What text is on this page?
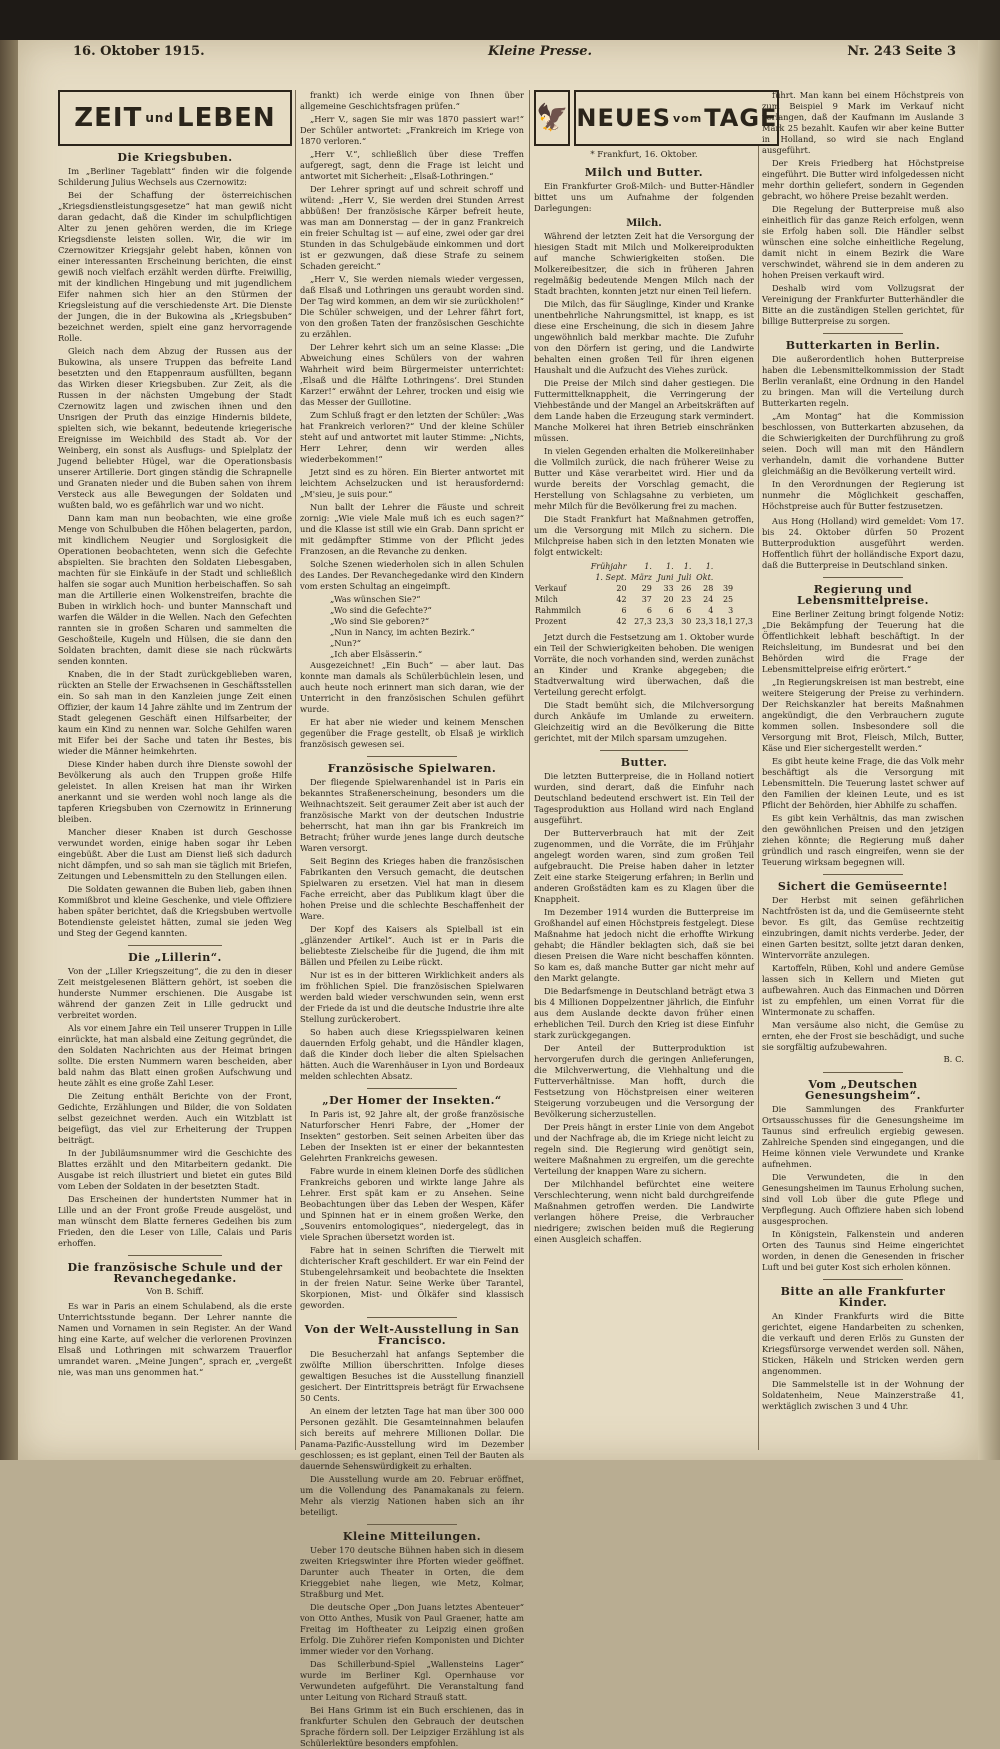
16. Oktober 1915.	Kleine Presse.	Nr. 243 Seite 3
ZEIT und LEBEN
Die Kriegsbuben.

Im „Berliner Tageblatt“ finden wir die folgende Schilderung Julius Wechsels aus Czernowitz:

Bei der Schaffung der österreichischen „Kriegsdienstleistungsgesetze“ hat man gewiß nicht daran gedacht, daß die Kinder im schulpflichtigen Alter zu jenen gehören werden, die im Kriege Kriegsdienste leisten sollen. Wir, die wir im Czernowitzer Kriegsjahr gelebt haben, können von einer interessanten Erscheinung berichten, die einst gewiß noch vielfach erzählt werden dürfte. Freiwillig, mit der kindlichen Hingebung und mit jugendlichem Eifer nahmen sich hier an den Stürmen der Kriegsleistung auf die verschiedenste Art. Die Dienste der Jungen, die in der Bukowina als „Kriegsbuben“ bezeichnet werden, spielt eine ganz hervorragende Rolle.

Gleich nach dem Abzug der Russen aus der Bukowina, als unsere Truppen das befreite Land besetzten und den Etappenraum ausfüllten, begann das Wirken dieser Kriegsbuben. Zur Zeit, als die Russen in der nächsten Umgebung der Stadt Czernowitz lagen und zwischen ihnen und den Unsrigen der Pruth das einzige Hindernis bildete, spielten sich, wie bekannt, bedeutende kriegerische Ereignisse im Weichbild des Stadt ab. Vor der Weinberg, ein sonst als Ausflugs- und Spielplatz der Jugend beliebter Hügel, war die Operationsbasis unserer Artillerie. Dort gingen ständig die Schrapnelle und Granaten nieder und die Buben sahen von ihrem Versteck aus alle Bewegungen der Soldaten und wußten bald, wo es gefährlich war und wo nicht.

Dann kam man nun beobachten, wie eine große Menge von Schulbuben die Höhen belagerten, pardon, mit kindlichem Neugier und Sorglosigkeit die Operationen beobachteten, wenn sich die Gefechte abspielten. Sie brachten den Soldaten Liebesgaben, machten für sie Einkäufe in der Stadt und schließlich halfen sie sogar auch Munition herbeischaffen. So sah man die Artillerie einen Wolkenstreifen, brachte die Buben in wirklich hoch- und bunter Mannschaft und warfen die Wälder in die Wellen. Nach den Gefechten rannten sie in großen Scharen und sammelten die Geschoßteile, Kugeln und Hülsen, die sie dann den Soldaten brachten, damit diese sie nach rückwärts senden konnten.

Knaben, die in der Stadt zurückgeblieben waren, rückten an Stelle der Erwachsenen in Geschäftsstellen ein. So sah man in den Kanzleien junge Zeit einen Offizier, der kaum 14 Jahre zählte und im Zentrum der Stadt gelegenen Geschäft einen Hilfsarbeiter, der kaum ein Kind zu nennen war. Solche Gehilfen waren mit Eifer bei der Sache und taten ihr Bestes, bis wieder die Männer heimkehrten.

Diese Kinder haben durch ihre Dienste sowohl der Bevölkerung als auch den Truppen große Hilfe geleistet. In allen Kreisen hat man ihr Wirken anerkannt und sie werden wohl noch lange als die tapferen Kriegsbuben von Czernowitz in Erinnerung bleiben.

Mancher dieser Knaben ist durch Geschosse verwundet worden, einige haben sogar ihr Leben eingebüßt. Aber die Lust am Dienst ließ sich dadurch nicht dämpfen, und so sah man sie täglich mit Briefen, Zeitungen und Lebensmitteln zu den Stellungen eilen.

Die Soldaten gewannen die Buben lieb, gaben ihnen Kommißbrot und kleine Geschenke, und viele Offiziere haben später berichtet, daß die Kriegsbuben wertvolle Botendienste geleistet hätten, zumal sie jeden Weg und Steg der Gegend kannten.

Die „Lillerin“.

Von der „Liller Kriegszeitung“, die zu den in dieser Zeit meistgelesenen Blättern gehört, ist soeben die hunderste Nummer erschienen. Die Ausgabe ist während der ganzen Zeit in Lille gedruckt und verbreitet worden.

Als vor einem Jahre ein Teil unserer Truppen in Lille einrückte, hat man alsbald eine Zeitung gegründet, die den Soldaten Nachrichten aus der Heimat bringen sollte. Die ersten Nummern waren bescheiden, aber bald nahm das Blatt einen großen Aufschwung und heute zählt es eine große Zahl Leser.

Die Zeitung enthält Berichte von der Front, Gedichte, Erzählungen und Bilder, die von Soldaten selbst gezeichnet werden. Auch ein Witzblatt ist beigefügt, das viel zur Erheiterung der Truppen beiträgt.

In der Jubiläumsnummer wird die Geschichte des Blattes erzählt und den Mitarbeitern gedankt. Die Ausgabe ist reich illustriert und bietet ein gutes Bild vom Leben der Soldaten in der besetzten Stadt.

Das Erscheinen der hundertsten Nummer hat in Lille und an der Front große Freude ausgelöst, und man wünscht dem Blatte ferneres Gedeihen bis zum Frieden, den die Leser von Lille, Calais und Paris erhoffen.

Die französische Schule und der Revanchegedanke.
Von B. Schiff.

Es war in Paris an einem Schulabend, als die erste Unterrichtsstunde begann. Der Lehrer nannte die Namen und Vornamen in sein Register. An der Wand hing eine Karte, auf welcher die verlorenen Provinzen Elsaß und Lothringen mit schwarzem Trauerflor umrandet waren. „Meine Jungen“, sprach er, „vergeßt nie, was man uns genommen hat.“

frankt) ich werde einige von Ihnen über allgemeine Geschichtsfragen prüfen.“

„Herr V., sagen Sie mir was 1870 passiert war!“ Der Schüler antwortet: „Frankreich im Kriege von 1870 verloren.“

„Herr V.“, schließlich über diese Treffen aufgeregt, sagt, denn die Frage ist leicht und antwortet mit Sicherheit: „Elsaß-Lothringen.“

Der Lehrer springt auf und schreit schroff und wütend: „Herr V., Sie werden drei Stunden Arrest abbüßen! Der französische Kärper befreit heute, was man am Donnerstag — der in ganz Frankreich ein freier Schultag ist — auf eine, zwei oder gar drei Stunden in das Schulgebäude einkommen und dort ist er gezwungen, daß diese Strafe zu seinem Schaden gereicht.“

„Herr V., Sie werden niemals wieder vergessen, daß Elsaß und Lothringen uns geraubt worden sind. Der Tag wird kommen, an dem wir sie zurückholen!“ Die Schüler schweigen, und der Lehrer fährt fort, von den großen Taten der französischen Geschichte zu erzählen.

Der Lehrer kehrt sich um an seine Klasse: „Die Abweichung eines Schülers von der wahren Wahrheit wird beim Bürgermeister unterrichtet: ‚Elsaß und die Hälfte Lothringens‘. Drei Stunden Karzer!“ erwähnt der Lehrer, trocken und eisig wie das Messer der Guillotine.

Zum Schluß fragt er den letzten der Schüler: „Was hat Frankreich verloren?“ Und der kleine Schüler steht auf und antwortet mit lauter Stimme: „Nichts, Herr Lehrer, denn wir werden alles wiederbekommen!“

Jetzt sind es zu hören. Ein Bierter antwortet mit leichtem Achselzucken und ist herausfordernd: „M'sieu, je suis pour.“

Nun ballt der Lehrer die Fäuste und schreit zornig: „Wie viele Male muß ich es euch sagen?“ und die Klasse ist still wie ein Grab. Dann spricht er mit gedämpfter Stimme von der Pflicht jedes Franzosen, an die Revanche zu denken.

Solche Szenen wiederholen sich in allen Schulen des Landes. Der Revanchegedanke wird den Kindern vom ersten Schultag an eingeimpft.

„Was wünschen Sie?“

„Wo sind die Gefechte?“

„Wo sind Sie geboren?“

„Nun in Nancy, im achten Bezirk.“

„Nun?“

„Ich aber Elsässerin.“

Ausgezeichnet! „Ein Buch“ — aber laut. Das konnte man damals als Schülerbüchlein lesen, und auch heute noch erinnert man sich daran, wie der Unterricht in den französischen Schulen geführt wurde.

Er hat aber nie wieder und keinem Menschen gegenüber die Frage gestellt, ob Elsaß je wirklich französisch gewesen sei.

Französische Spielwaren.

Der fliegende Spielwarenhandel ist in Paris ein bekanntes Straßenerscheinung, besonders um die Weihnachtszeit. Seit geraumer Zeit aber ist auch der französische Markt von der deutschen Industrie beherrscht, hat man ihn gar bis Frankreich im Betracht; früher wurde jenes lange durch deutsche Waren versorgt.

Seit Beginn des Krieges haben die französischen Fabrikanten den Versuch gemacht, die deutschen Spielwaren zu ersetzen. Viel hat man in diesem Fache erreicht, aber das Publikum klagt über die hohen Preise und die schlechte Beschaffenheit der Ware.

Der Kopf des Kaisers als Spielball ist ein „glänzender Artikel“. Auch ist er in Paris die beliebteste Zielscheibe für die Jugend, die ihm mit Bällen und Pfeilen zu Leibe rückt.

Nur ist es in der bitteren Wirklichkeit anders als im fröhlichen Spiel. Die französischen Spielwaren werden bald wieder verschwunden sein, wenn erst der Friede da ist und die deutsche Industrie ihre alte Stellung zurückerobert.

So haben auch diese Kriegsspielwaren keinen dauernden Erfolg gehabt, und die Händler klagen, daß die Kinder doch lieber die alten Spielsachen hätten. Auch die Warenhäuser in Lyon und Bordeaux melden schlechten Absatz.

„Der Homer der Insekten.“

In Paris ist, 92 Jahre alt, der große französische Naturforscher Henri Fabre, der „Homer der Insekten“ gestorben. Seit seinen Arbeiten über das Leben der Insekten ist er einer der bekanntesten Gelehrten Frankreichs gewesen.

Fabre wurde in einem kleinen Dorfe des südlichen Frankreichs geboren und wirkte lange Jahre als Lehrer. Erst spät kam er zu Ansehen. Seine Beobachtungen über das Leben der Wespen, Käfer und Spinnen hat er in einem großen Werke, den „Souvenirs entomologiques“, niedergelegt, das in viele Sprachen übersetzt worden ist.

Fabre hat in seinen Schriften die Tierwelt mit dichterischer Kraft geschildert. Er war ein Feind der Stubengelehrsamkeit und beobachtete die Insekten in der freien Natur. Seine Werke über Tarantel, Skorpionen, Mist- und Ölkäfer sind klassisch geworden.

Von der Welt-Ausstellung in San Francisco.

Die Besucherzahl hat anfangs September die zwölfte Million überschritten. Infolge dieses gewaltigen Besuches ist die Ausstellung finanziell gesichert. Der Eintrittspreis beträgt für Erwachsene 50 Cents.

An einem der letzten Tage hat man über 300 000 Personen gezählt. Die Gesamteinnahmen belaufen sich bereits auf mehrere Millionen Dollar. Die Panama-Pazific-Ausstellung wird im Dezember geschlossen; es ist geplant, einen Teil der Bauten als dauernde Sehenswürdigkeit zu erhalten.

Die Ausstellung wurde am 20. Februar eröffnet, um die Vollendung des Panamakanals zu feiern. Mehr als vierzig Nationen haben sich an ihr beteiligt.

Kleine Mitteilungen.

Ueber 170 deutsche Bühnen haben sich in diesem zweiten Kriegswinter ihre Pforten wieder geöffnet. Darunter auch Theater in Orten, die dem Krieggebiet nahe liegen, wie Metz, Kolmar, Straßburg und Met.

Die deutsche Oper „Don Juans letztes Abenteuer“ von Otto Anthes, Musik von Paul Graener, hatte am Freitag im Hoftheater zu Leipzig einen großen Erfolg. Die Zuhörer riefen Komponisten und Dichter immer wieder vor den Vorhang.

Das Schillerbund-Spiel „Wallensteins Lager“ wurde im Berliner Kgl. Opernhause vor Verwundeten aufgeführt. Die Veranstaltung fand unter Leitung von Richard Strauß statt.

Bei Hans Grimm ist ein Buch erschienen, das in frankfurter Schulen den Gebrauch der deutschen Sprache fördern soll. Der Leipziger Erzählung ist als Schülerlektüre besonders empfohlen.

🦅 NEUES vom TAGE
* Frankfurt, 16. Oktober.
Milch und Butter.

Ein Frankfurter Groß-Milch- und Butter-Händler bittet uns um Aufnahme der folgenden Darlegungen:

Milch.

Während der letzten Zeit hat die Versorgung der hiesigen Stadt mit Milch und Molkereiprodukten auf manche Schwierigkeiten stoßen. Die Molkereibesitzer, die sich in früheren Jahren regelmäßig bedeutende Mengen Milch nach der Stadt brachten, konnten jetzt nur einen Teil liefern.

Die Milch, das für Säuglinge, Kinder und Kranke unentbehrliche Nahrungsmittel, ist knapp, es ist diese eine Erscheinung, die sich in diesem Jahre ungewöhnlich bald merkbar machte. Die Zufuhr von den Dörfern ist gering, und die Landwirte behalten einen großen Teil für ihren eigenen Haushalt und die Aufzucht des Viehes zurück.

Die Preise der Milch sind daher gestiegen. Die Futtermittelknappheit, die Verringerung der Viehbestände und der Mangel an Arbeitskräften auf dem Lande haben die Erzeugung stark vermindert. Manche Molkerei hat ihren Betrieb einschränken müssen.

In vielen Gegenden erhalten die Molkereiinhaber die Vollmilch zurück, die nach früherer Weise zu Butter und Käse verarbeitet wird. Hier und da wurde bereits der Vorschlag gemacht, die Herstellung von Schlagsahne zu verbieten, um mehr Milch für die Bevölkerung frei zu machen.

Die Stadt Frankfurt hat Maßnahmen getroffen, um die Versorgung mit Milch zu sichern. Die Milchpreise haben sich in den letzten Monaten wie folgt entwickelt:

	Frühjahr 1. Sept.	1. März	1. Juni	1. Juli	1. Okt.		
Verkauf	20	29	33	26	28	39	
Milch	42	37	20	23	24	25	
Rahmmilch	6	6	6	6	4	3	
Prozent	42	27,3	23,3	30	23,3	18,1	27,3

Jetzt durch die Festsetzung am 1. Oktober wurde ein Teil der Schwierigkeiten behoben. Die wenigen Vorräte, die noch vorhanden sind, werden zunächst an Kinder und Kranke abgegeben; die Stadtverwaltung wird überwachen, daß die Verteilung gerecht erfolgt.

Die Stadt bemüht sich, die Milchversorgung durch Ankäufe im Umlande zu erweitern. Gleichzeitig wird an die Bevölkerung die Bitte gerichtet, mit der Milch sparsam umzugehen.

Butter.

Die letzten Butterpreise, die in Holland notiert wurden, sind derart, daß die Einfuhr nach Deutschland bedeutend erschwert ist. Ein Teil der Tagesproduktion aus Holland wird nach England ausgeführt.

Der Butterverbrauch hat mit der Zeit zugenommen, und die Vorräte, die im Frühjahr angelegt worden waren, sind zum großen Teil aufgebraucht. Die Preise haben daher in letzter Zeit eine starke Steigerung erfahren; in Berlin und anderen Großstädten kam es zu Klagen über die Knappheit.

Im Dezember 1914 wurden die Butterpreise im Großhandel auf einen Höchstpreis festgelegt. Diese Maßnahme hat jedoch nicht die erhoffte Wirkung gehabt; die Händler beklagten sich, daß sie bei diesen Preisen die Ware nicht beschaffen könnten. So kam es, daß manche Butter gar nicht mehr auf den Markt gelangte.

Die Bedarfsmenge in Deutschland beträgt etwa 3 bis 4 Millionen Doppelzentner jährlich, die Einfuhr aus dem Auslande deckte davon früher einen erheblichen Teil. Durch den Krieg ist diese Einfuhr stark zurückgegangen.

Der Anteil der Butterproduktion ist hervorgerufen durch die geringen Anlieferungen, die Milchverwertung, die Viehhaltung und die Futterverhältnisse. Man hofft, durch die Festsetzung von Höchstpreisen einer weiteren Steigerung vorzubeugen und die Versorgung der Bevölkerung sicherzustellen.

Der Preis hängt in erster Linie von dem Angebot und der Nachfrage ab, die im Kriege nicht leicht zu regeln sind. Die Regierung wird genötigt sein, weitere Maßnahmen zu ergreifen, um die gerechte Verteilung der knappen Ware zu sichern.

Der Milchhandel befürchtet eine weitere Verschlechterung, wenn nicht bald durchgreifende Maßnahmen getroffen werden. Die Landwirte verlangen höhere Preise, die Verbraucher niedrigere; zwischen beiden muß die Regierung einen Ausgleich schaffen.

führt. Man kann bei einem Höchstpreis von zum Beispiel 9 Mark im Verkauf nicht verlangen, daß der Kaufmann im Auslande 3 Mark 25 bezahlt. Kaufen wir aber keine Butter in Holland, so wird sie nach England ausgeführt.

Der Kreis Friedberg hat Höchstpreise eingeführt. Die Butter wird infolgedessen nicht mehr dorthin geliefert, sondern in Gegenden gebracht, wo höhere Preise bezahlt werden.

Die Regelung der Butterpreise muß also einheitlich für das ganze Reich erfolgen, wenn sie Erfolg haben soll. Die Händler selbst wünschen eine solche einheitliche Regelung, damit nicht in einem Bezirk die Ware verschwindet, während sie in dem anderen zu hohen Preisen verkauft wird.

Deshalb wird vom Vollzugsrat der Vereinigung der Frankfurter Butterhändler die Bitte an die zuständigen Stellen gerichtet, für billige Butterpreise zu sorgen.

Butterkarten in Berlin.

Die außerordentlich hohen Butterpreise haben die Lebensmittelkommission der Stadt Berlin veranlaßt, eine Ordnung in den Handel zu bringen. Man will die Verteilung durch Butterkarten regeln.

„Am Montag“ hat die Kommission beschlossen, von Butterkarten abzusehen, da die Schwierigkeiten der Durchführung zu groß seien. Doch will man mit den Händlern verhandeln, damit die vorhandene Butter gleichmäßig an die Bevölkerung verteilt wird.

In den Verordnungen der Regierung ist nunmehr die Möglichkeit geschaffen, Höchstpreise auch für Butter festzusetzen.

Aus Hong (Holland) wird gemeldet: Vom 17. bis 24. Oktober dürfen 50 Prozent Butterproduktion ausgeführt werden. Hoffentlich führt der holländische Export dazu, daß die Butterpreise in Deutschland sinken.

Regierung und Lebensmittelpreise.

Eine Berliner Zeitung bringt folgende Notiz: „Die Bekämpfung der Teuerung hat die Öffentlichkeit lebhaft beschäftigt. In der Reichsleitung, im Bundesrat und bei den Behörden wird die Frage der Lebensmittelpreise eifrig erörtert.“

„In Regierungskreisen ist man bestrebt, eine weitere Steigerung der Preise zu verhindern. Der Reichskanzler hat bereits Maßnahmen angekündigt, die den Verbrauchern zugute kommen sollen. Insbesondere soll die Versorgung mit Brot, Fleisch, Milch, Butter, Käse und Eier sichergestellt werden.“

Es gibt heute keine Frage, die das Volk mehr beschäftigt als die Versorgung mit Lebensmitteln. Die Teuerung lastet schwer auf den Familien der kleinen Leute, und es ist Pflicht der Behörden, hier Abhilfe zu schaffen.

Es gibt kein Verhältnis, das man zwischen den gewöhnlichen Preisen und den jetzigen ziehen könnte; die Regierung muß daher gründlich und rasch eingreifen, wenn sie der Teuerung wirksam begegnen will.

Sichert die Gemüseernte!

Der Herbst mit seinen gefährlichen Nachtfrösten ist da, und die Gemüseernte steht bevor. Es gilt, das Gemüse rechtzeitig einzubringen, damit nichts verderbe. Jeder, der einen Garten besitzt, sollte jetzt daran denken, Wintervorräte anzulegen.

Kartoffeln, Rüben, Kohl und andere Gemüse lassen sich in Kellern und Mieten gut aufbewahren. Auch das Einmachen und Dörren ist zu empfehlen, um einen Vorrat für die Wintermonate zu schaffen.

Man versäume also nicht, die Gemüse zu ernten, ehe der Frost sie beschädigt, und suche sie sorgfältig aufzubewahren.

B. C.
Vom „Deutschen Genesungsheim“.

Die Sammlungen des Frankfurter Ortsausschusses für die Genesungsheime im Taunus sind erfreulich ergiebig gewesen. Zahlreiche Spenden sind eingegangen, und die Heime können viele Verwundete und Kranke aufnehmen.

Die Verwundeten, die in den Genesungsheimen im Taunus Erholung suchen, sind voll Lob über die gute Pflege und Verpflegung. Auch Offiziere haben sich lobend ausgesprochen.

In Königstein, Falkenstein und anderen Orten des Taunus sind Heime eingerichtet worden, in denen die Genesenden in frischer Luft und bei guter Kost sich erholen können.

Bitte an alle Frankfurter Kinder.

An Kinder Frankfurts wird die Bitte gerichtet, eigene Handarbeiten zu schenken, die verkauft und deren Erlös zu Gunsten der Kriegsfürsorge verwendet werden soll. Nähen, Sticken, Häkeln und Stricken werden gern angenommen.

Die Sammelstelle ist in der Wohnung der Soldatenheim, Neue Mainzerstraße 41, werktäglich zwischen 3 und 4 Uhr.
